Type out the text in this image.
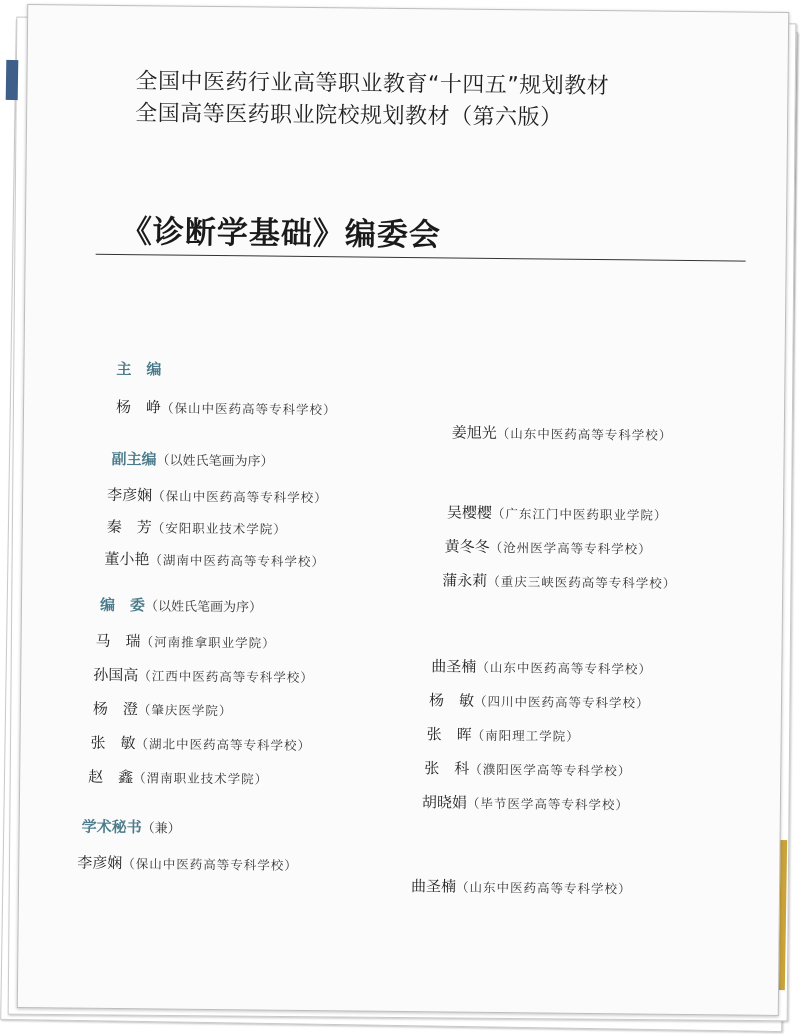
全国中医药行业高等职业教育“十四五”规划教材
全国高等医药职业院校规划教材（第六版）
《诊断学基础》编委会
主　编
杨　峥（保山中医药高等专科学校）
姜旭光（山东中医药高等专科学校）
副主编（以姓氏笔画为序）
李彦娴（保山中医药高等专科学校）
秦　芳（安阳职业技术学院）
董小艳（湖南中医药高等专科学校）
吴樱樱（广东江门中医药职业学院）
黄冬冬（沧州医学高等专科学校）
蒲永莉（重庆三峡医药高等专科学校）
编　委（以姓氏笔画为序）
马　瑞（河南推拿职业学院）
孙国高（江西中医药高等专科学校）
杨　澄（肇庆医学院）
张　敏（湖北中医药高等专科学校）
赵　鑫（渭南职业技术学院）
曲圣楠（山东中医药高等专科学校）
杨　敏（四川中医药高等专科学校）
张　晖（南阳理工学院）
张　科（濮阳医学高等专科学校）
胡晓娟（毕节医学高等专科学校）
学术秘书（兼）
李彦娴（保山中医药高等专科学校）
曲圣楠（山东中医药高等专科学校）
